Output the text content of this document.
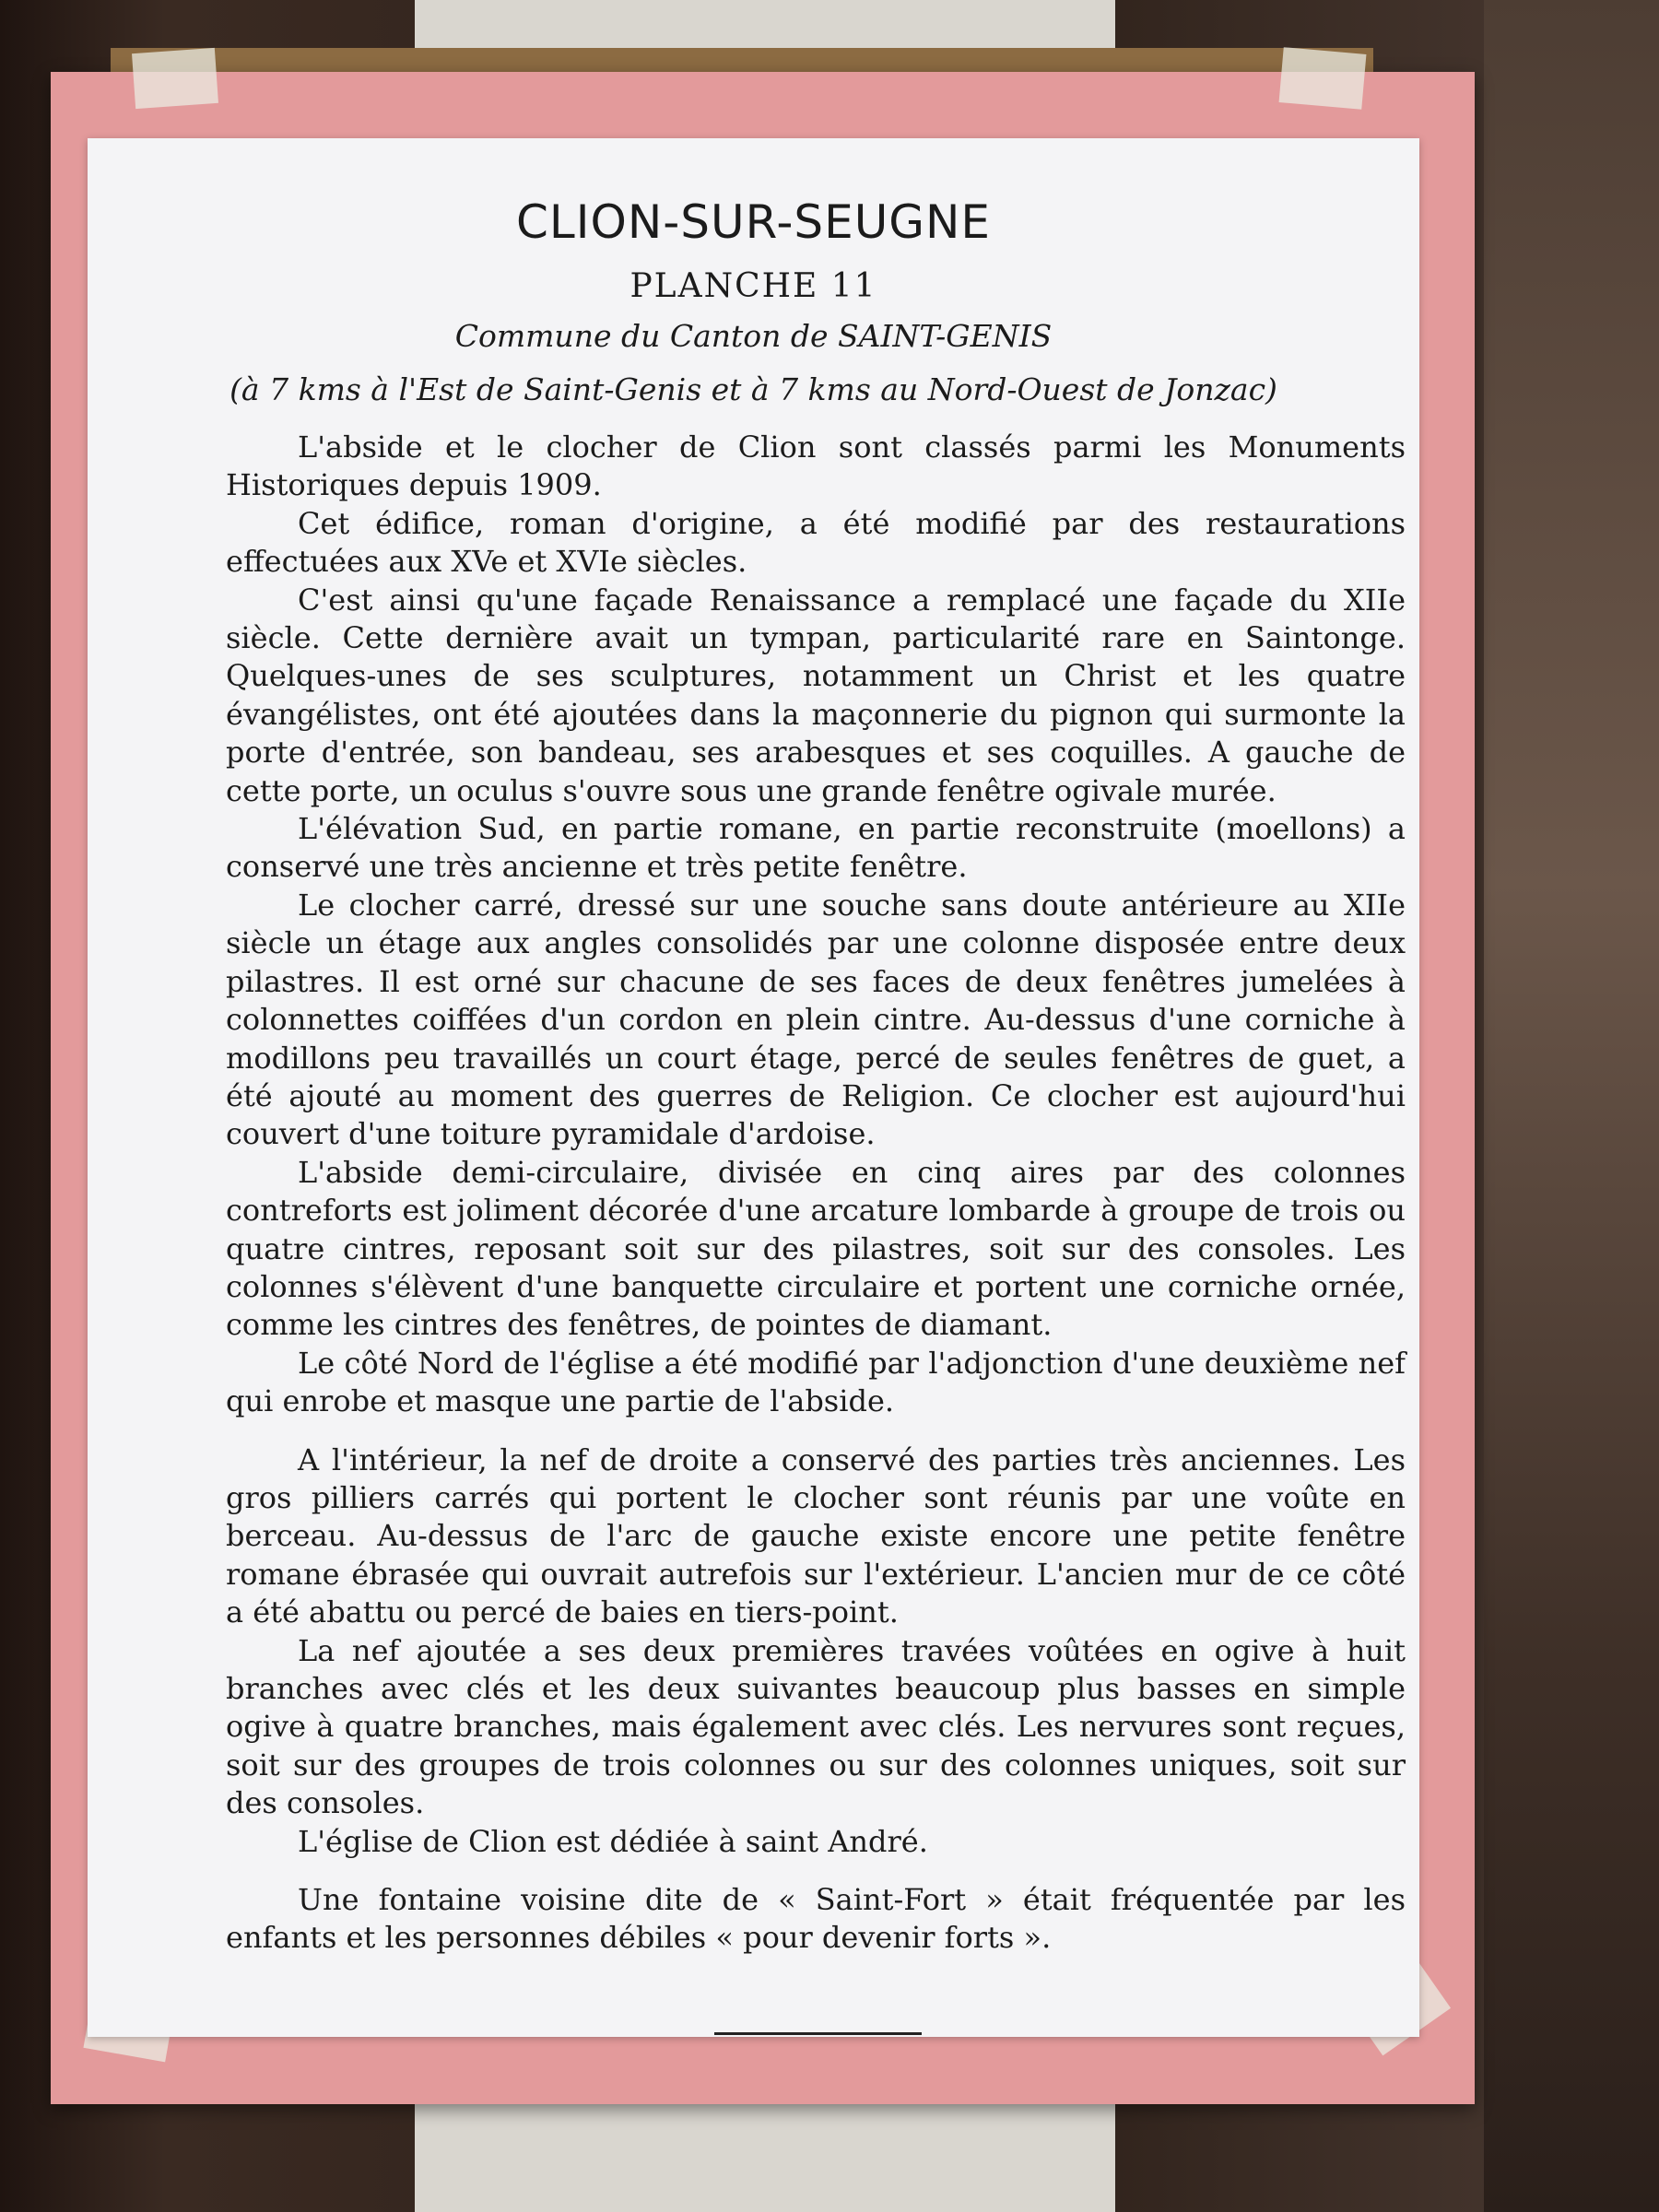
CLION-SUR-SEUGNE
PLANCHE 11
Commune du Canton de SAINT-GENIS
(à 7 kms à l'Est de Saint-Genis et à 7 kms au Nord-Ouest de Jonzac)

L'abside et le clocher de Clion sont classés parmi les Monuments Historiques depuis 1909.

Cet édifice, roman d'origine, a été modifié par des restaurations effectuées aux XVe et XVIe siècles.

C'est ainsi qu'une façade Renaissance a remplacé une façade du XIIe siècle. Cette dernière avait un tympan, particularité rare en Saintonge. Quelques-unes de ses sculptures, notamment un Christ et les quatre évangélistes, ont été ajoutées dans la maçonnerie du pignon qui surmonte la porte d'entrée, son bandeau, ses arabesques et ses coquilles. A gauche de cette porte, un oculus s'ouvre sous une grande fenêtre ogivale murée.

L'élévation Sud, en partie romane, en partie reconstruite (moellons) a conservé une très ancienne et très petite fenêtre.

Le clocher carré, dressé sur une souche sans doute antérieure au XIIe siècle un étage aux angles consolidés par une colonne disposée entre deux pilastres. Il est orné sur chacune de ses faces de deux fenêtres jumelées à colonnettes coiffées d'un cordon en plein cintre. Au-dessus d'une corniche à modillons peu travaillés un court étage, percé de seules fenêtres de guet, a été ajouté au moment des guerres de Religion. Ce clocher est aujourd'hui couvert d'une toiture pyramidale d'ardoise.

L'abside demi-circulaire, divisée en cinq aires par des colonnes contreforts est joliment décorée d'une arcature lombarde à groupe de trois ou quatre cintres, reposant soit sur des pilastres, soit sur des consoles. Les colonnes s'élèvent d'une banquette circulaire et portent une corniche ornée, comme les cintres des fenêtres, de pointes de diamant.

Le côté Nord de l'église a été modifié par l'adjonction d'une deuxième nef qui enrobe et masque une partie de l'abside.

A l'intérieur, la nef de droite a conservé des parties très anciennes. Les gros pilliers carrés qui portent le clocher sont réunis par une voûte en berceau. Au-dessus de l'arc de gauche existe encore une petite fenêtre romane ébrasée qui ouvrait autrefois sur l'extérieur. L'ancien mur de ce côté a été abattu ou percé de baies en tiers-point.

La nef ajoutée a ses deux premières travées voûtées en ogive à huit branches avec clés et les deux suivantes beaucoup plus basses en simple ogive à quatre branches, mais également avec clés. Les nervures sont reçues, soit sur des groupes de trois colonnes ou sur des colonnes uniques, soit sur des consoles.

L'église de Clion est dédiée à saint André.

Une fontaine voisine dite de « Saint-Fort » était fréquentée par les enfants et les personnes débiles « pour devenir forts ».
